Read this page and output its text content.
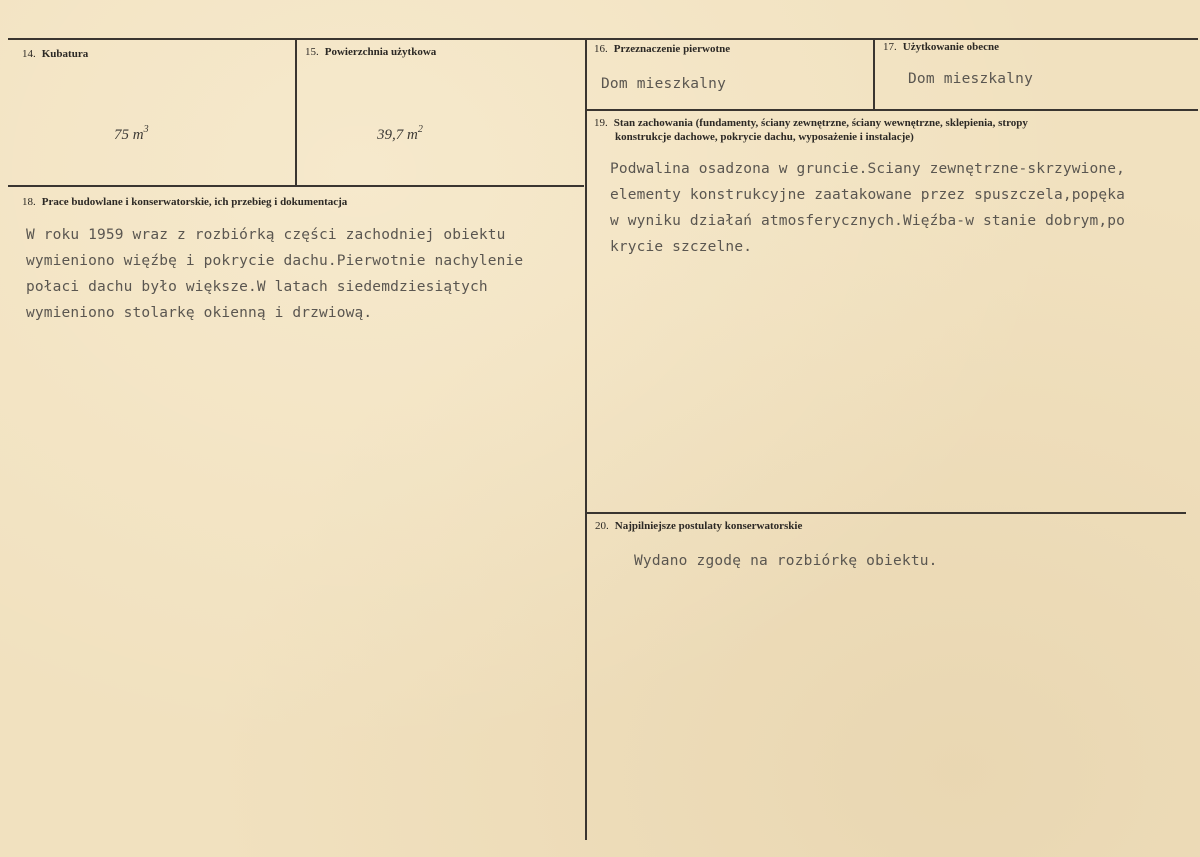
14. Kubatura
75 $m^3$
15. Powierzchnia użytkowa
39,7 $m^2$
16. Przeznaczenie pierwotne
Dom mieszkalny
17. Użytkowanie obecne
Dom mieszkalny
18. Prace budowlane i konserwatorskie, ich przebieg i dokumentacja
W roku 1959 wraz z rozbiórką części zachodniej obiektu
wymieniono więźbę i pokrycie dachu.Pierwotnie nachylenie
połaci dachu było większe.W latach siedemdziesiątych
wymieniono stolarkę okienną i drzwiową.
19. Stan zachowania (fundamenty, ściany zewnętrzne, ściany wewnętrzne, sklepienia, stropy
konstrukcje dachowe, pokrycie dachu, wyposażenie i instalacje)
Podwalina osadzona w gruncie.Sciany zewnętrzne-skrzywione,
elementy konstrukcyjne zaatakowane przez spuszczela,popęka
w wyniku działań atmosferycznych.Więźba-w stanie dobrym,po
krycie szczelne.
20. Najpilniejsze postulaty konserwatorskie
Wydano zgodę na rozbiórkę obiektu.
